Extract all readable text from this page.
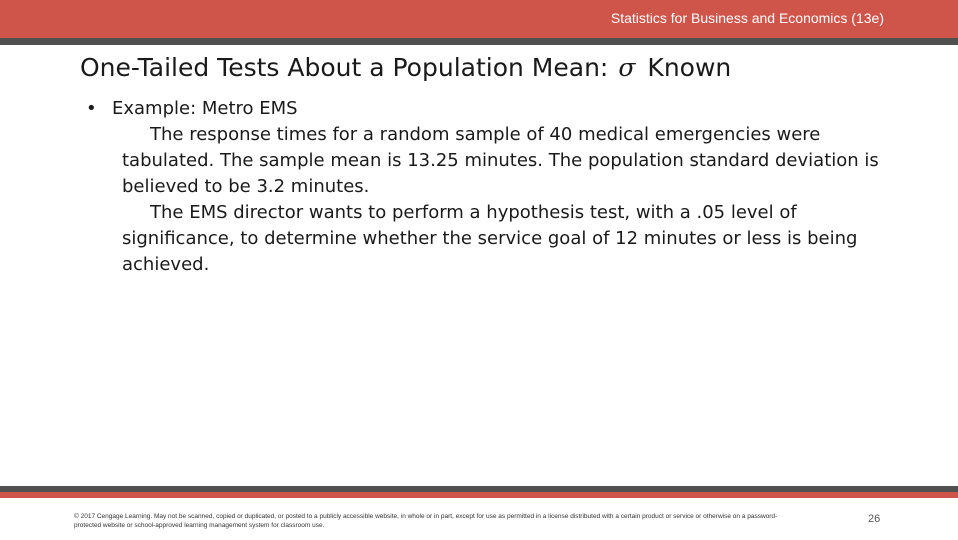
Statistics for Business and Economics (13e)
One-Tailed Tests About a Population Mean: σ Known
• Example: Metro EMS

The response times for a random sample of 40 medical emergencies were tabulated. The sample mean is 13.25 minutes. The population standard deviation is believed to be 3.2 minutes.

The EMS director wants to perform a hypothesis test, with a .05 level of significance, to determine whether the service goal of 12 minutes or less is being achieved.

© 2017 Cengage Learning. May not be scanned, copied or duplicated, or posted to a publicly accessible website, in whole or in part, except for use as permitted in a license distributed with a certain product or service or otherwise on a password-protected website or school-approved learning management system for classroom use.
26
